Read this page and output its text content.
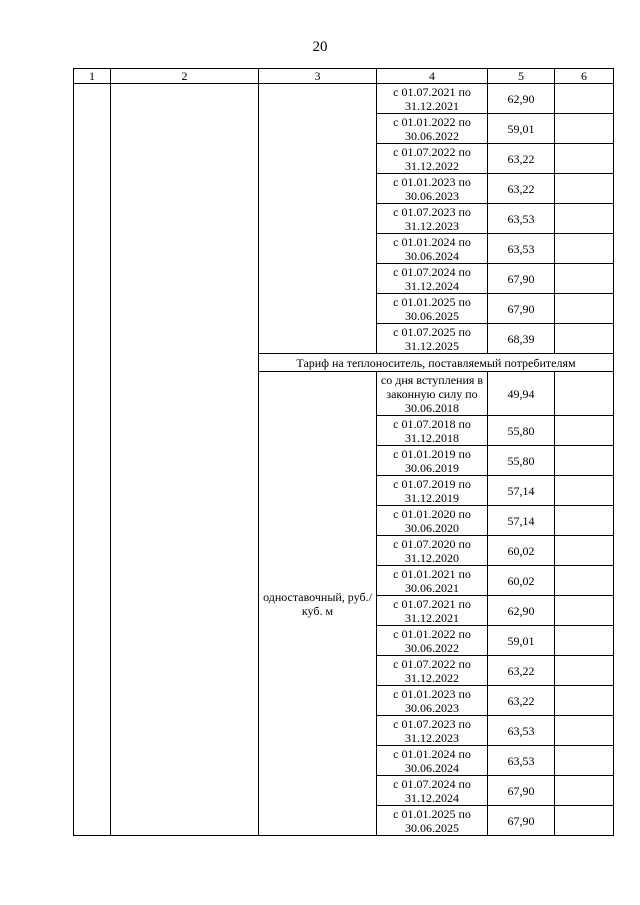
20
1	2	3	4	5	6
			с 01.07.2021 по 31.12.2021	62,90	
			с 01.01.2022 по 30.06.2022	59,01	
			с 01.07.2022 по 31.12.2022	63,22	
			с 01.01.2023 по 30.06.2023	63,22	
			с 01.07.2023 по 31.12.2023	63,53	
			с 01.01.2024 по 30.06.2024	63,53	
			с 01.07.2024 по 31.12.2024	67,90	
			с 01.01.2025 по 30.06.2025	67,90	
			с 01.07.2025 по 31.12.2025	68,39	
		Тариф на теплоноситель, поставляемый потребителям			
		одноставочный, руб./куб. м	со дня вступления в законную силу по 30.06.2018	49,94	
			с 01.07.2018 по 31.12.2018	55,80	
			с 01.01.2019 по 30.06.2019	55,80	
			с 01.07.2019 по 31.12.2019	57,14	
			с 01.01.2020 по 30.06.2020	57,14	
			с 01.07.2020 по 31.12.2020	60,02	
			с 01.01.2021 по 30.06.2021	60,02	
			с 01.07.2021 по 31.12.2021	62,90	
			с 01.01.2022 по 30.06.2022	59,01	
			с 01.07.2022 по 31.12.2022	63,22	
			с 01.01.2023 по 30.06.2023	63,22	
			с 01.07.2023 по 31.12.2023	63,53	
			с 01.01.2024 по 30.06.2024	63,53	
			с 01.07.2024 по 31.12.2024	67,90	
			с 01.01.2025 по 30.06.2025	67,90	
